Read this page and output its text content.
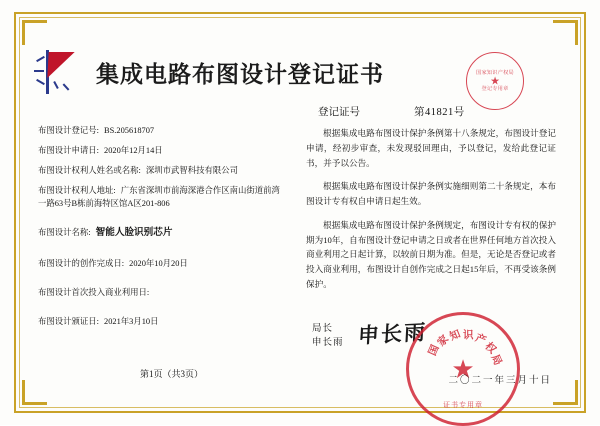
集成电路布图设计登记证书
登记证号	第41821号
国家知识产权局
登记专用章
★
布图设计登记号: BS.205618707
布图设计申请日: 2020年12月14日
布图设计权利人姓名或名称: 深圳市武智科技有限公司
布图设计权利人地址: 广东省深圳市前海深港合作区南山街道前湾一路63号B栋前海特区馆A区201-806
布图设计名称: 智能人脸识别芯片
布图设计的创作完成日: 2020年10月20日
布图设计首次投入商业利用日:
布图设计颁证日: 2021年3月10日
第1页（共3页）

根据集成电路布图设计保护条例第十八条规定，布图设计登记申请，经初步审查，未发现驳回理由，予以登记，发给此登记证书，并予以公告。

根据集成电路布图设计保护条例实施细则第二十条规定，本布图设计专有权自申请日起生效。

根据集成电路布图设计保护条例规定，布图设计专有权的保护期为10年，自布图设计登记申请之日或者在世界任何地方首次投入商业利用之日起计算，以较前日期为准。但是，无论是否登记或者投入商业利用，布图设计自创作完成之日起15年后，不再受该条例保护。

局长
申长雨 申长雨
国
家
知 识 产
权
局
★
证书专用章
二〇二一年三月十日
